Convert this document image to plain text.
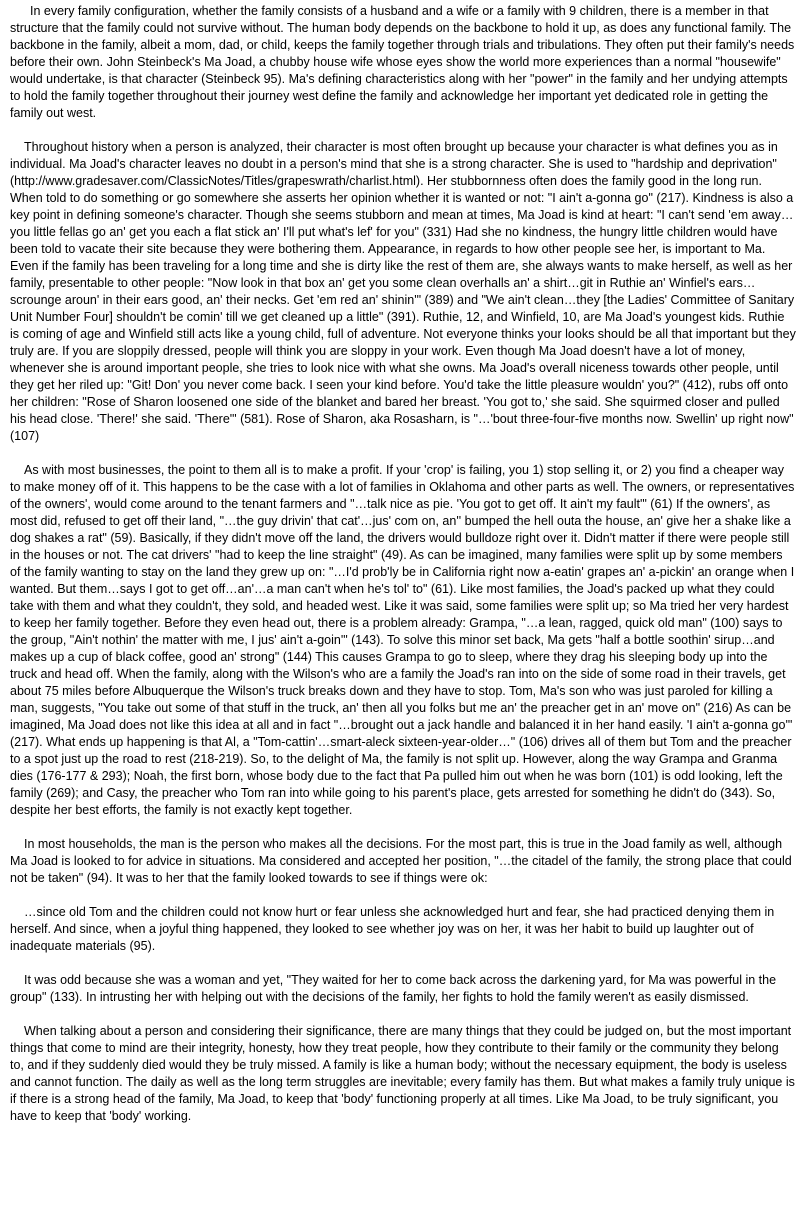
In every family configuration, whether the family consists of a husband and a wife or a family with 9 children, there is a member in that structure that the family could not survive without. The human body depends on the backbone to hold it up, as does any functional family. The backbone in the family, albeit a mom, dad, or child, keeps the family together through trials and tribulations. They often put their family's needs before their own. John Steinbeck's Ma Joad, a chubby house wife whose eyes show the world more experiences than a normal "housewife" would undertake, is that character (Steinbeck 95). Ma's defining characteristics along with her "power" in the family and her undying attempts to hold the family together throughout their journey west define the family and acknowledge her important yet dedicated role in getting the family out west.

Throughout history when a person is analyzed, their character is most often brought up because your character is what defines you as in individual. Ma Joad's character leaves no doubt in a person's mind that she is a strong character. She is used to "hardship and deprivation" (http://www.gradesaver.com/ClassicNotes/Titles/grapeswrath/charlist.html). Her stubbornness often does the family good in the long run. When told to do something or go somewhere she asserts her opinion whether it is wanted or not: "I ain't a-gonna go" (217). Kindness is also a key point in defining someone's character. Though she seems stubborn and mean at times, Ma Joad is kind at heart: "I can't send 'em away…you little fellas go an' get you each a flat stick an' I'll put what's lef' for you" (331) Had she no kindness, the hungry little children would have been told to vacate their site because they were bothering them. Appearance, in regards to how other people see her, is important to Ma. Even if the family has been traveling for a long time and she is dirty like the rest of them are, she always wants to make herself, as well as her family, presentable to other people: "Now look in that box an' get you some clean overhalls an' a shirt…git in Ruthie an' Winfiel's ears…scrounge aroun' in their ears good, an' their necks. Get 'em red an' shinin'" (389) and "We ain't clean…they [the Ladies' Committee of Sanitary Unit Number Four] shouldn't be comin' till we get cleaned up a little" (391). Ruthie, 12, and Winfield, 10, are Ma Joad's youngest kids. Ruthie is coming of age and Winfield still acts like a young child, full of adventure. Not everyone thinks your looks should be all that important but they truly are. If you are sloppily dressed, people will think you are sloppy in your work. Even though Ma Joad doesn't have a lot of money, whenever she is around important people, she tries to look nice with what she owns. Ma Joad's overall niceness towards other people, until they get her riled up: "Git! Don' you never come back. I seen your kind before. You'd take the little pleasure wouldn' you?" (412), rubs off onto her children: "Rose of Sharon loosened one side of the blanket and bared her breast. 'You got to,' she said. She squirmed closer and pulled his head close. 'There!' she said. 'There'" (581). Rose of Sharon, aka Rosasharn, is "…'bout three-four-five months now. Swellin' up right now" (107)

As with most businesses, the point to them all is to make a profit. If your 'crop' is failing, you 1) stop selling it, or 2) you find a cheaper way to make money off of it. This happens to be the case with a lot of families in Oklahoma and other parts as well. The owners, or representatives of the owners', would come around to the tenant farmers and "…talk nice as pie. 'You got to get off. It ain't my fault'" (61) If the owners', as most did, refused to get off their land, "…the guy drivin' that cat'…jus' com on, an'' bumped the hell outa the house, an' give her a shake like a dog shakes a rat" (59). Basically, if they didn't move off the land, the drivers would bulldoze right over it. Didn't matter if there were people still in the houses or not. The cat drivers' "had to keep the line straight" (49). As can be imagined, many families were split up by some members of the family wanting to stay on the land they grew up on: "…I'd prob'ly be in California right now a-eatin' grapes an' a-pickin' an orange when I wanted. But them…says I got to get off…an'…a man can't when he's tol' to" (61). Like most families, the Joad's packed up what they could take with them and what they couldn't, they sold, and headed west. Like it was said, some families were split up; so Ma tried her very hardest to keep her family together. Before they even head out, there is a problem already: Grampa, "…a lean, ragged, quick old man" (100) says to the group, "Ain't nothin' the matter with me, I jus' ain't a-goin'" (143). To solve this minor set back, Ma gets "half a bottle soothin' sirup…and makes up a cup of black coffee, good an' strong" (144) This causes Grampa to go to sleep, where they drag his sleeping body up into the truck and head off. When the family, along with the Wilson's who are a family the Joad's ran into on the side of some road in their travels, get about 75 miles before Albuquerque the Wilson's truck breaks down and they have to stop. Tom, Ma's son who was just paroled for killing a man, suggests, "You take out some of that stuff in the truck, an' then all you folks but me an' the preacher get in an' move on" (216) As can be imagined, Ma Joad does not like this idea at all and in fact "…brought out a jack handle and balanced it in her hand easily. 'I ain't a-gonna go'" (217). What ends up happening is that Al, a "Tom-cattin'…smart-aleck sixteen-year-older…" (106) drives all of them but Tom and the preacher to a spot just up the road to rest (218-219). So, to the delight of Ma, the family is not split up. However, along the way Grampa and Granma dies (176-177 & 293); Noah, the first born, whose body due to the fact that Pa pulled him out when he was born (101) is odd looking, left the family (269); and Casy, the preacher who Tom ran into while going to his parent's place, gets arrested for something he didn't do (343). So, despite her best efforts, the family is not exactly kept together.

In most households, the man is the person who makes all the decisions. For the most part, this is true in the Joad family as well, although Ma Joad is looked to for advice in situations. Ma considered and accepted her position, "…the citadel of the family, the strong place that could not be taken" (94). It was to her that the family looked towards to see if things were ok:

…since old Tom and the children could not know hurt or fear unless she acknowledged hurt and fear, she had practiced denying them in herself. And since, when a joyful thing happened, they looked to see whether joy was on her, it was her habit to build up laughter out of inadequate materials (95).

It was odd because she was a woman and yet, "They waited for her to come back across the darkening yard, for Ma was powerful in the group" (133). In intrusting her with helping out with the decisions of the family, her fights to hold the family weren't as easily dismissed.

When talking about a person and considering their significance, there are many things that they could be judged on, but the most important things that come to mind are their integrity, honesty, how they treat people, how they contribute to their family or the community they belong to, and if they suddenly died would they be truly missed. A family is like a human body; without the necessary equipment, the body is useless and cannot function. The daily as well as the long term struggles are inevitable; every family has them. But what makes a family truly unique is if there is a strong head of the family, Ma Joad, to keep that 'body' functioning properly at all times. Like Ma Joad, to be truly significant, you have to keep that 'body' working.
